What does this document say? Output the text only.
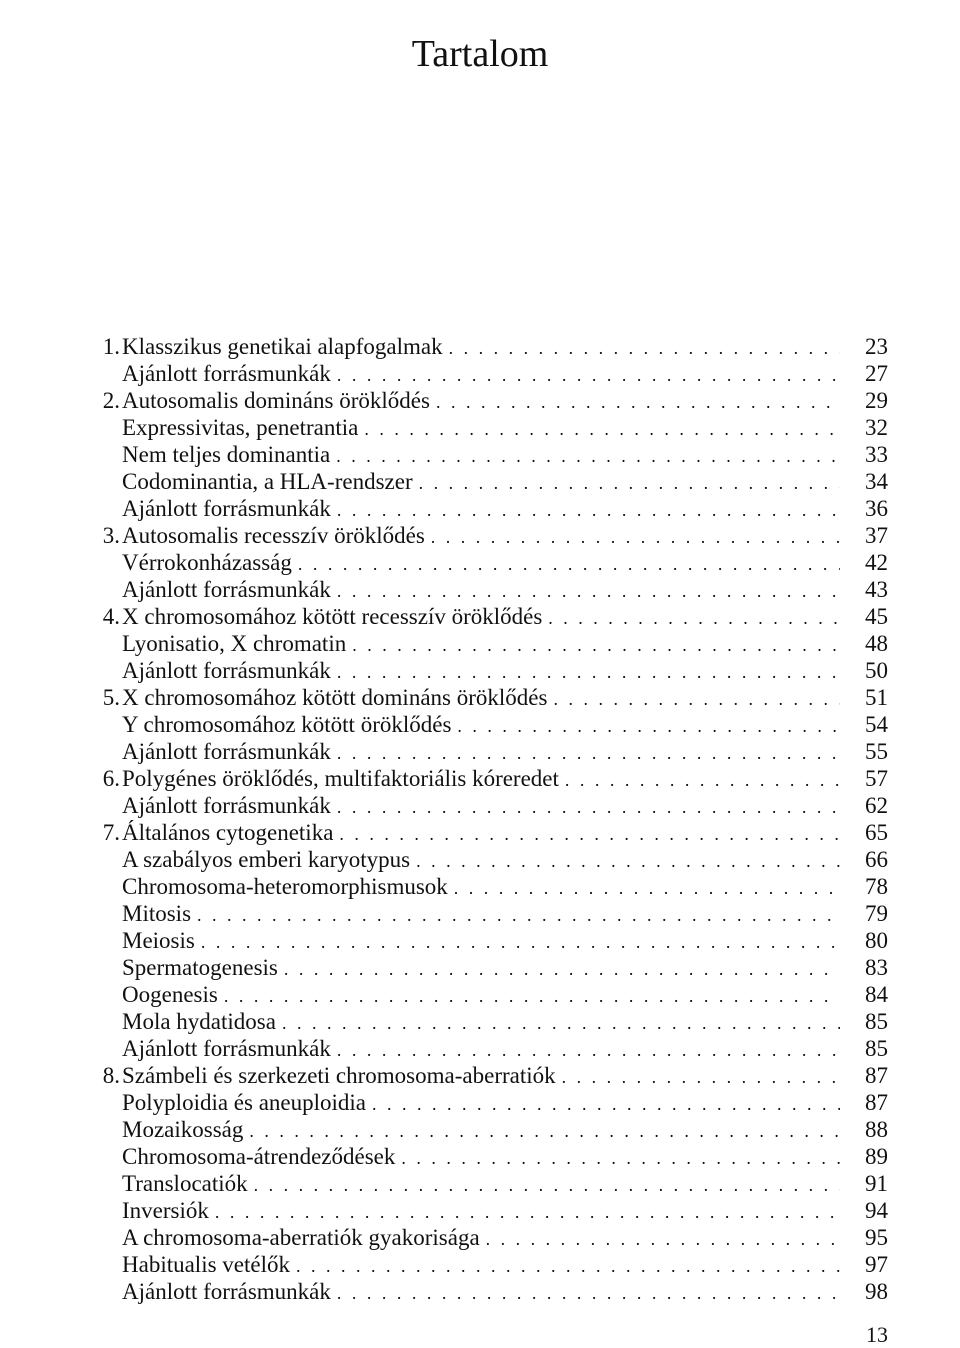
Tartalom
1. Klasszikus genetikai alapfogalmak . . .	23
Ajánlott forrásmunkák . . .	27
2. Autosomalis domináns öröklődés . . .	29
Expressivitas, penetrantia . . .	32
Nem teljes dominantia . . .	33
Codominantia, a HLA-rendszer . . .	34
Ajánlott forrásmunkák . . .	36
3. Autosomalis recesszív öröklődés . . .	37
Vérrokonházasság . . .	42
Ajánlott forrásmunkák . . .	43
4. X chromosomához kötött recesszív öröklődés . . .	45
Lyonisatio, X chromatin . . .	48
Ajánlott forrásmunkák . . .	50
5. X chromosomához kötött domináns öröklődés . . .	51
Y chromosomához kötött öröklődés . . .	54
Ajánlott forrásmunkák . . .	55
6. Polygénes öröklődés, multifaktoriális kóreredet . . .	57
Ajánlott forrásmunkák . . .	62
7. Általános cytogenetika . . .	65
A szabályos emberi karyotypus . . .	66
Chromosoma-heteromorphismusok . . .	78
Mitosis . . .	79
Meiosis . . .	80
Spermatogenesis . . .	83
Oogenesis . . .	84
Mola hydatidosa . . .	85
Ajánlott forrásmunkák . . .	85
8. Számbeli és szerkezeti chromosoma-aberratiók . . .	87
Polyploidia és aneuploidia . . .	87
Mozaikosság . . .	88
Chromosoma-átrendeződések . . .	89
Translocatiók . . .	91
Inversiók . . .	94
A chromosoma-aberratiók gyakorisága . . .	95
Habitualis vetélők . . .	97
Ajánlott forrásmunkák . . .	98
13
